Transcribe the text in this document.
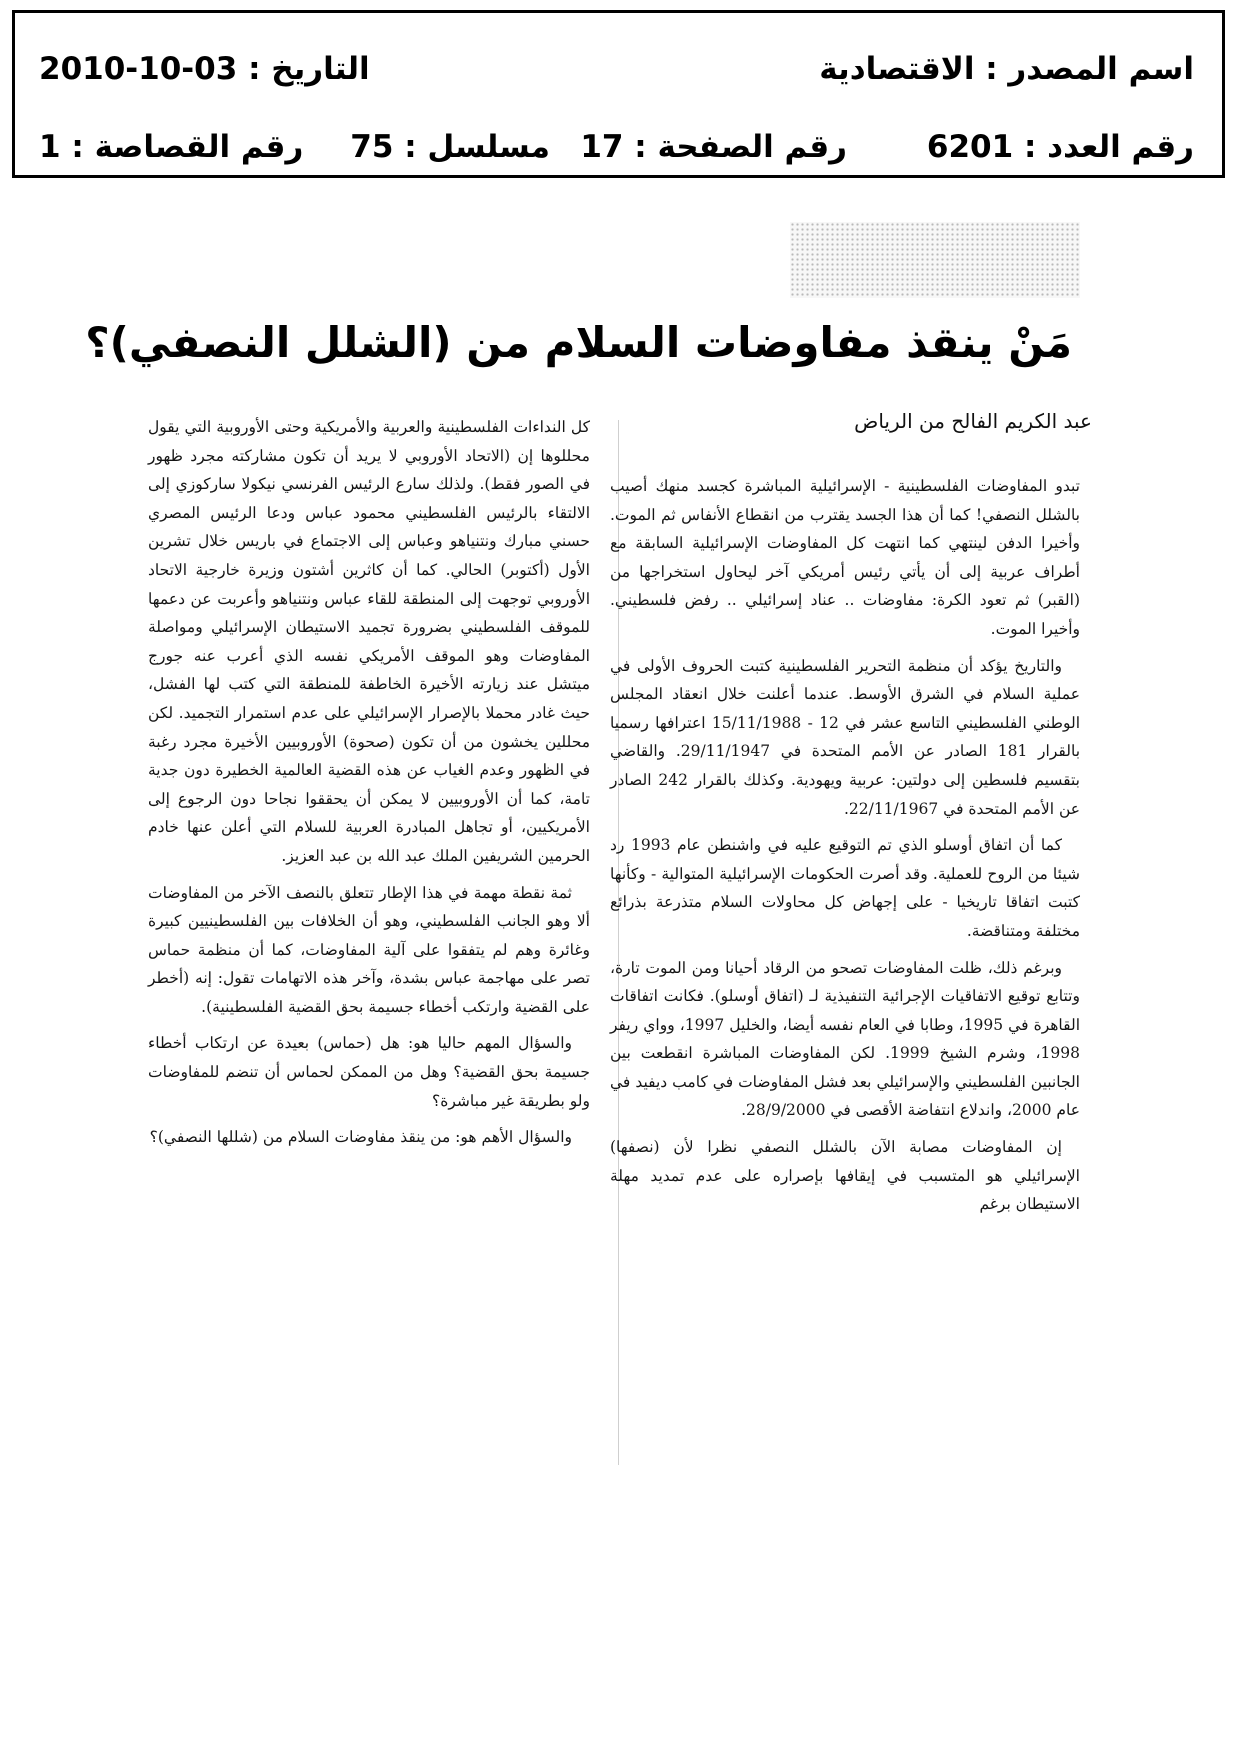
اسم المصدر : الاقتصادية
التاريخ : 2010-10-03
رقم العدد : 6201
رقم الصفحة : 17
مسلسل : 75
رقم القصاصة : 1
مَنْ ينقذ مفاوضات السلام من (الشلل النصفي)؟
عبد الكريم الفالح من الرياض

تبدو المفاوضات الفلسطينية - الإسرائيلية المباشرة كجسد منهك أصيب بالشلل النصفي! كما أن هذا الجسد يقترب من انقطاع الأنفاس ثم الموت. وأخيرا الدفن لينتهي كما انتهت كل المفاوضات الإسرائيلية السابقة مع أطراف عربية إلى أن يأتي رئيس أمريكي آخر ليحاول استخراجها من (القبر) ثم تعود الكرة: مفاوضات .. عناد إسرائيلي .. رفض فلسطيني. وأخيرا الموت.

والتاريخ يؤكد أن منظمة التحرير الفلسطينية كتبت الحروف الأولى في عملية السلام في الشرق الأوسط. عندما أعلنت خلال انعقاد المجلس الوطني الفلسطيني التاسع عشر في 12 - 15/11/1988 اعترافها رسميا بالقرار 181 الصادر عن الأمم المتحدة في 29/11/1947. والقاضي بتقسيم فلسطين إلى دولتين: عربية ويهودية. وكذلك بالقرار 242 الصادر عن الأمم المتحدة في 22/11/1967.

كما أن اتفاق أوسلو الذي تم التوقيع عليه في واشنطن عام 1993 رد شيئا من الروح للعملية. وقد أصرت الحكومات الإسرائيلية المتوالية - وكأنها كتبت اتفاقا تاريخيا - على إجهاض كل محاولات السلام متذرعة بذرائع مختلفة ومتناقضة.

وبرغم ذلك، ظلت المفاوضات تصحو من الرقاد أحيانا ومن الموت تارة، وتتابع توقيع الاتفاقيات الإجرائية التنفيذية لـ (اتفاق أوسلو). فكانت اتفاقات القاهرة في 1995، وطابا في العام نفسه أيضا، والخليل 1997، وواي ريفر 1998، وشرم الشيخ 1999. لكن المفاوضات المباشرة انقطعت بين الجانبين الفلسطيني والإسرائيلي بعد فشل المفاوضات في كامب ديفيد في عام 2000، واندلاع انتفاضة الأقصى في 28/9/2000.

إن المفاوضات مصابة الآن بالشلل النصفي نظرا لأن (نصفها) الإسرائيلي هو المتسبب في إيقافها بإصراره على عدم تمديد مهلة الاستيطان برغم

كل النداءات الفلسطينية والعربية والأمريكية وحتى الأوروبية التي يقول محللوها إن (الاتحاد الأوروبي لا يريد أن تكون مشاركته مجرد ظهور في الصور فقط). ولذلك سارع الرئيس الفرنسي نيكولا ساركوزي إلى الالتقاء بالرئيس الفلسطيني محمود عباس ودعا الرئيس المصري حسني مبارك ونتنياهو وعباس إلى الاجتماع في باريس خلال تشرين الأول (أكتوبر) الحالي. كما أن كاثرين أشتون وزيرة خارجية الاتحاد الأوروبي توجهت إلى المنطقة للقاء عباس ونتنياهو وأعربت عن دعمها للموقف الفلسطيني بضرورة تجميد الاستيطان الإسرائيلي ومواصلة المفاوضات وهو الموقف الأمريكي نفسه الذي أعرب عنه جورج ميتشل عند زيارته الأخيرة الخاطفة للمنطقة التي كتب لها الفشل، حيث غادر محملا بالإصرار الإسرائيلي على عدم استمرار التجميد. لكن محللين يخشون من أن تكون (صحوة) الأوروبيين الأخيرة مجرد رغبة في الظهور وعدم الغياب عن هذه القضية العالمية الخطيرة دون جدية تامة، كما أن الأوروبيين لا يمكن أن يحققوا نجاحا دون الرجوع إلى الأمريكيين، أو تجاهل المبادرة العربية للسلام التي أعلن عنها خادم الحرمين الشريفين الملك عبد الله بن عبد العزيز.

ثمة نقطة مهمة في هذا الإطار تتعلق بالنصف الآخر من المفاوضات ألا وهو الجانب الفلسطيني، وهو أن الخلافات بين الفلسطينيين كبيرة وغائرة وهم لم يتفقوا على آلية المفاوضات، كما أن منظمة حماس تصر على مهاجمة عباس بشدة، وآخر هذه الاتهامات تقول: إنه (أخطر على القضية وارتكب أخطاء جسيمة بحق القضية الفلسطينية).

والسؤال المهم حاليا هو: هل (حماس) بعيدة عن ارتكاب أخطاء جسيمة بحق القضية؟ وهل من الممكن لحماس أن تنضم للمفاوضات ولو بطريقة غير مباشرة؟

والسؤال الأهم هو: من ينقذ مفاوضات السلام من (شللها النصفي)؟
